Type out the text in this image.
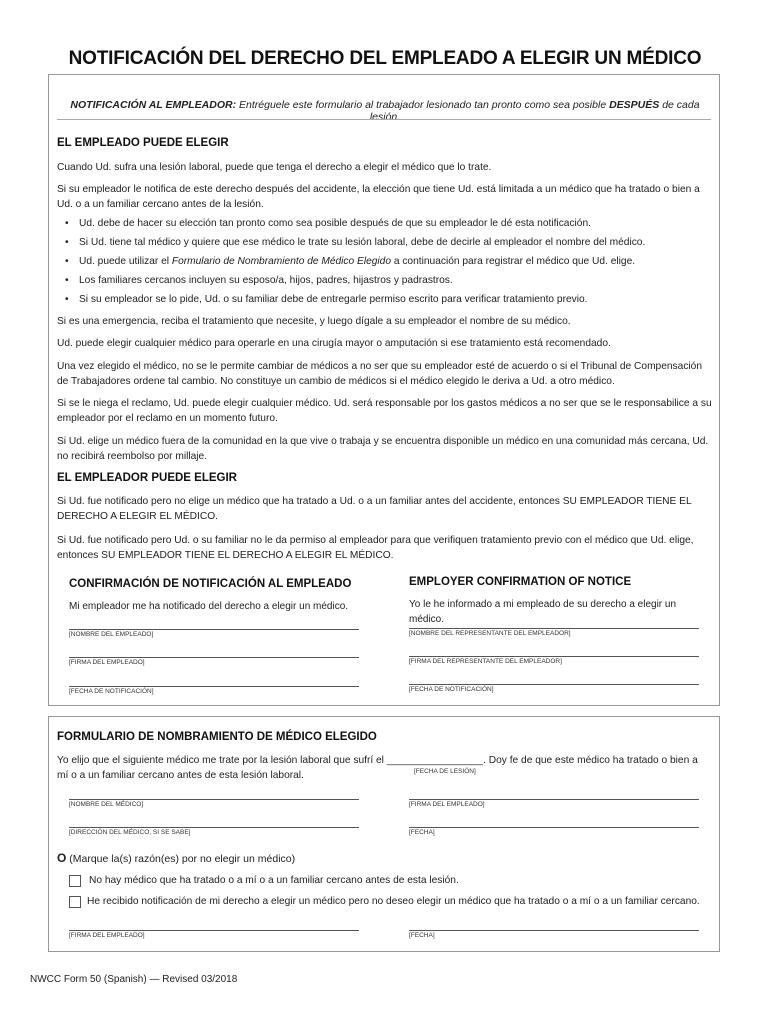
NOTIFICACIÓN DEL DERECHO DEL EMPLEADO A ELEGIR UN MÉDICO
NOTIFICACIÓN AL EMPLEADOR: Entréguele este formulario al trabajador lesionado tan pronto como sea posible DESPUÉS de cada lesión.
EL EMPLEADO PUEDE ELEGIR
Cuando Ud. sufra una lesión laboral, puede que tenga el derecho a elegir el médico que lo trate.
Si su empleador le notifica de este derecho después del accidente, la elección que tiene Ud. está limitada a un médico que ha tratado o bien a Ud. o a un familiar cercano antes de la lesión.
• Ud. debe de hacer su elección tan pronto como sea posible después de que su empleador le dé esta notificación.
• Si Ud. tiene tal médico y quiere que ese médico le trate su lesión laboral, debe de decirle al empleador el nombre del médico.
• Ud. puede utilizar el Formulario de Nombramiento de Médico Elegido a continuación para registrar el médico que Ud. elige.
• Los familiares cercanos incluyen su esposo/a, hijos, padres, hijastros y padrastros.
• Si su empleador se lo pide, Ud. o su familiar debe de entregarle permiso escrito para verificar tratamiento previo.
Si es una emergencia, reciba el tratamiento que necesite, y luego dígale a su empleador el nombre de su médico.
Ud. puede elegir cualquier médico para operarle en una cirugía mayor o amputación si ese tratamiento está recomendado.
Una vez elegido el médico, no se le permite cambiar de médicos a no ser que su empleador esté de acuerdo o si el Tribunal de Compensación de Trabajadores ordene tal cambio. No constituye un cambio de médicos si el médico elegido le deriva a Ud. a otro médico.
Si se le niega el reclamo, Ud. puede elegir cualquier médico. Ud. será responsable por los gastos médicos a no ser que se le responsabilice a su empleador por el reclamo en un momento futuro.
Si Ud. elige un médico fuera de la comunidad en la que vive o trabaja y se encuentra disponible un médico en una comunidad más cercana, Ud. no recibirá reembolso por millaje.
EL EMPLEADOR PUEDE ELEGIR
Si Ud. fue notificado pero no elige un médico que ha tratado a Ud. o a un familiar antes del accidente, entonces SU EMPLEADOR TIENE EL DERECHO A ELEGIR EL MÉDICO.
Si Ud. fue notificado pero Ud. o su familiar no le da permiso al empleador para que verifiquen tratamiento previo con el médico que Ud. elige, entonces SU EMPLEADOR TIENE EL DERECHO A ELEGIR EL MÉDICO.
CONFIRMACIÓN DE NOTIFICACIÓN AL EMPLEADO
Mi empleador me ha notificado del derecho a elegir un médico.
[NOMBRE DEL EMPLEADO]
[FIRMA DEL EMPLEADO]
[FECHA DE NOTIFICACIÓN]
EMPLOYER CONFIRMATION OF NOTICE
Yo le he informado a mi empleado de su derecho a elegir un médico.
[NOMBRE DEL REPRESENTANTE DEL EMPLEADOR]
[FIRMA DEL REPRESENTANTE DEL EMPLEADOR]
[FECHA DE NOTIFICACIÓN]
FORMULARIO DE NOMBRAMIENTO DE MÉDICO ELEGIDO
Yo elijo que el siguiente médico me trate por la lesión laboral que sufrí el _________________. Doy fe de que este médico ha tratado o bien a
mí o a un familiar cercano antes de esta lesión laboral.	[FECHA DE LESIÓN]
[NOMBRE DEL MÉDICO]
[DIRECCIÓN DEL MÉDICO, SI SE SABE]
[FIRMA DEL EMPLEADO]
[FECHA]
O (Marque la(s) razón(es) por no elegir un médico)
No hay médico que ha tratado o a mí o a un familiar cercano antes de esta lesión.
He recibido notificación de mi derecho a elegir un médico pero no deseo elegir un médico que ha tratado o a mí o a un familiar cercano.
[FIRMA DEL EMPLEADO]	[FECHA]
NWCC Form 50 (Spanish) — Revised 03/2018
